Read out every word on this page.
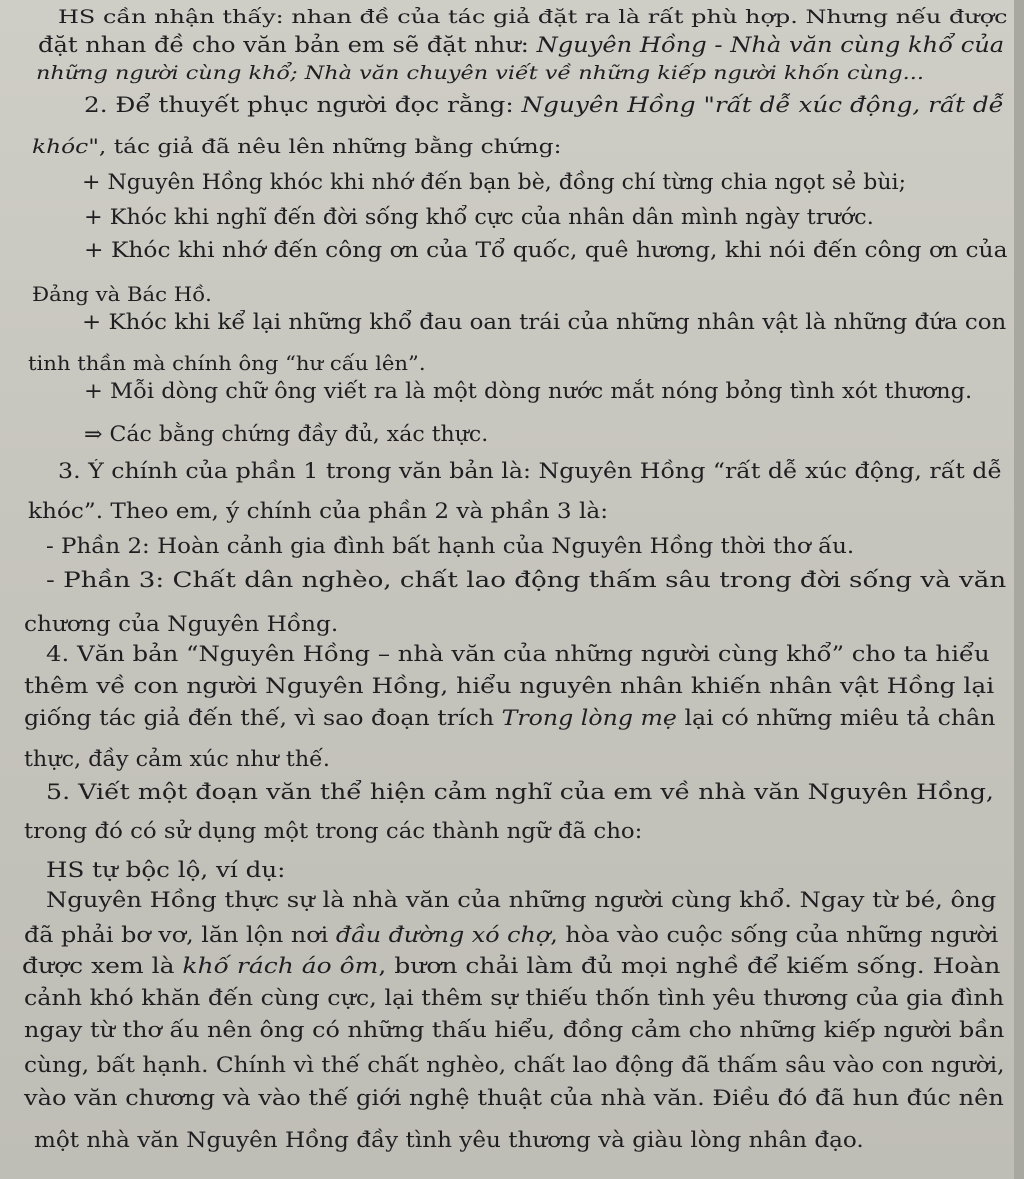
HS cần nhận thấy: nhan đề của tác giả đặt ra là rất phù hợp. Nhưng nếu được
đặt nhan đề cho văn bản em sẽ đặt như: Nguyên Hồng - Nhà văn cùng khổ của
những người cùng khổ; Nhà văn chuyên viết về những kiếp người khốn cùng...
2. Để thuyết phục người đọc rằng: Nguyên Hồng "rất dễ xúc động, rất dễ
khóc", tác giả đã nêu lên những bằng chứng:
+ Nguyên Hồng khóc khi nhớ đến bạn bè, đồng chí từng chia ngọt sẻ bùi;
+ Khóc khi nghĩ đến đời sống khổ cực của nhân dân mình ngày trước.
+ Khóc khi nhớ đến công ơn của Tổ quốc, quê hương, khi nói đến công ơn của
Đảng và Bác Hồ.
+ Khóc khi kể lại những khổ đau oan trái của những nhân vật là những đứa con
tinh thần mà chính ông “hư cấu lên”.
+ Mỗi dòng chữ ông viết ra là một dòng nước mắt nóng bỏng tình xót thương.
⇒ Các bằng chứng đầy đủ, xác thực.
3. Ý chính của phần 1 trong văn bản là: Nguyên Hồng “rất dễ xúc động, rất dễ
khóc”. Theo em, ý chính của phần 2 và phần 3 là:
- Phần 2: Hoàn cảnh gia đình bất hạnh của Nguyên Hồng thời thơ ấu.
- Phần 3: Chất dân nghèo, chất lao động thấm sâu trong đời sống và văn
chương của Nguyên Hồng.
4. Văn bản “Nguyên Hồng – nhà văn của những người cùng khổ” cho ta hiểu
thêm về con người Nguyên Hồng, hiểu nguyên nhân khiến nhân vật Hồng lại
giống tác giả đến thế, vì sao đoạn trích Trong lòng mẹ lại có những miêu tả chân
thực, đầy cảm xúc như thế.
5. Viết một đoạn văn thể hiện cảm nghĩ của em về nhà văn Nguyên Hồng,
trong đó có sử dụng một trong các thành ngữ đã cho:
HS tự bộc lộ, ví dụ:
Nguyên Hồng thực sự là nhà văn của những người cùng khổ. Ngay từ bé, ông
đã phải bơ vơ, lăn lộn nơi đầu đường xó chợ, hòa vào cuộc sống của những người
được xem là khố rách áo ôm, bươn chải làm đủ mọi nghề để kiếm sống. Hoàn
cảnh khó khăn đến cùng cực, lại thêm sự thiếu thốn tình yêu thương của gia đình
ngay từ thơ ấu nên ông có những thấu hiểu, đồng cảm cho những kiếp người bần
cùng, bất hạnh. Chính vì thế chất nghèo, chất lao động đã thấm sâu vào con người,
vào văn chương và vào thế giới nghệ thuật của nhà văn. Điều đó đã hun đúc nên
một nhà văn Nguyên Hồng đầy tình yêu thương và giàu lòng nhân đạo.
